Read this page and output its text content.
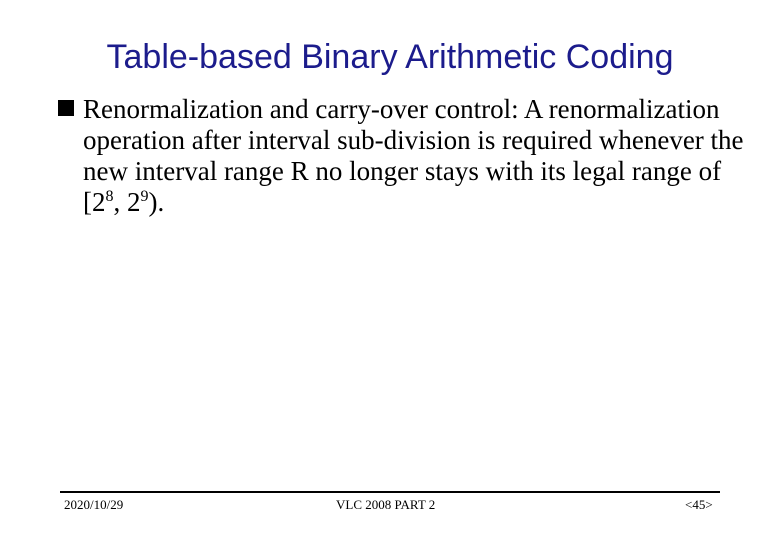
Table-based Binary Arithmetic Coding
Renormalization and carry-over control: A renormalization operation after interval sub-division is required whenever the new interval range R no longer stays with its legal range of [$2^8$, $2^9$).
2020/10/29	VLC 2008 PART 2	<45>
